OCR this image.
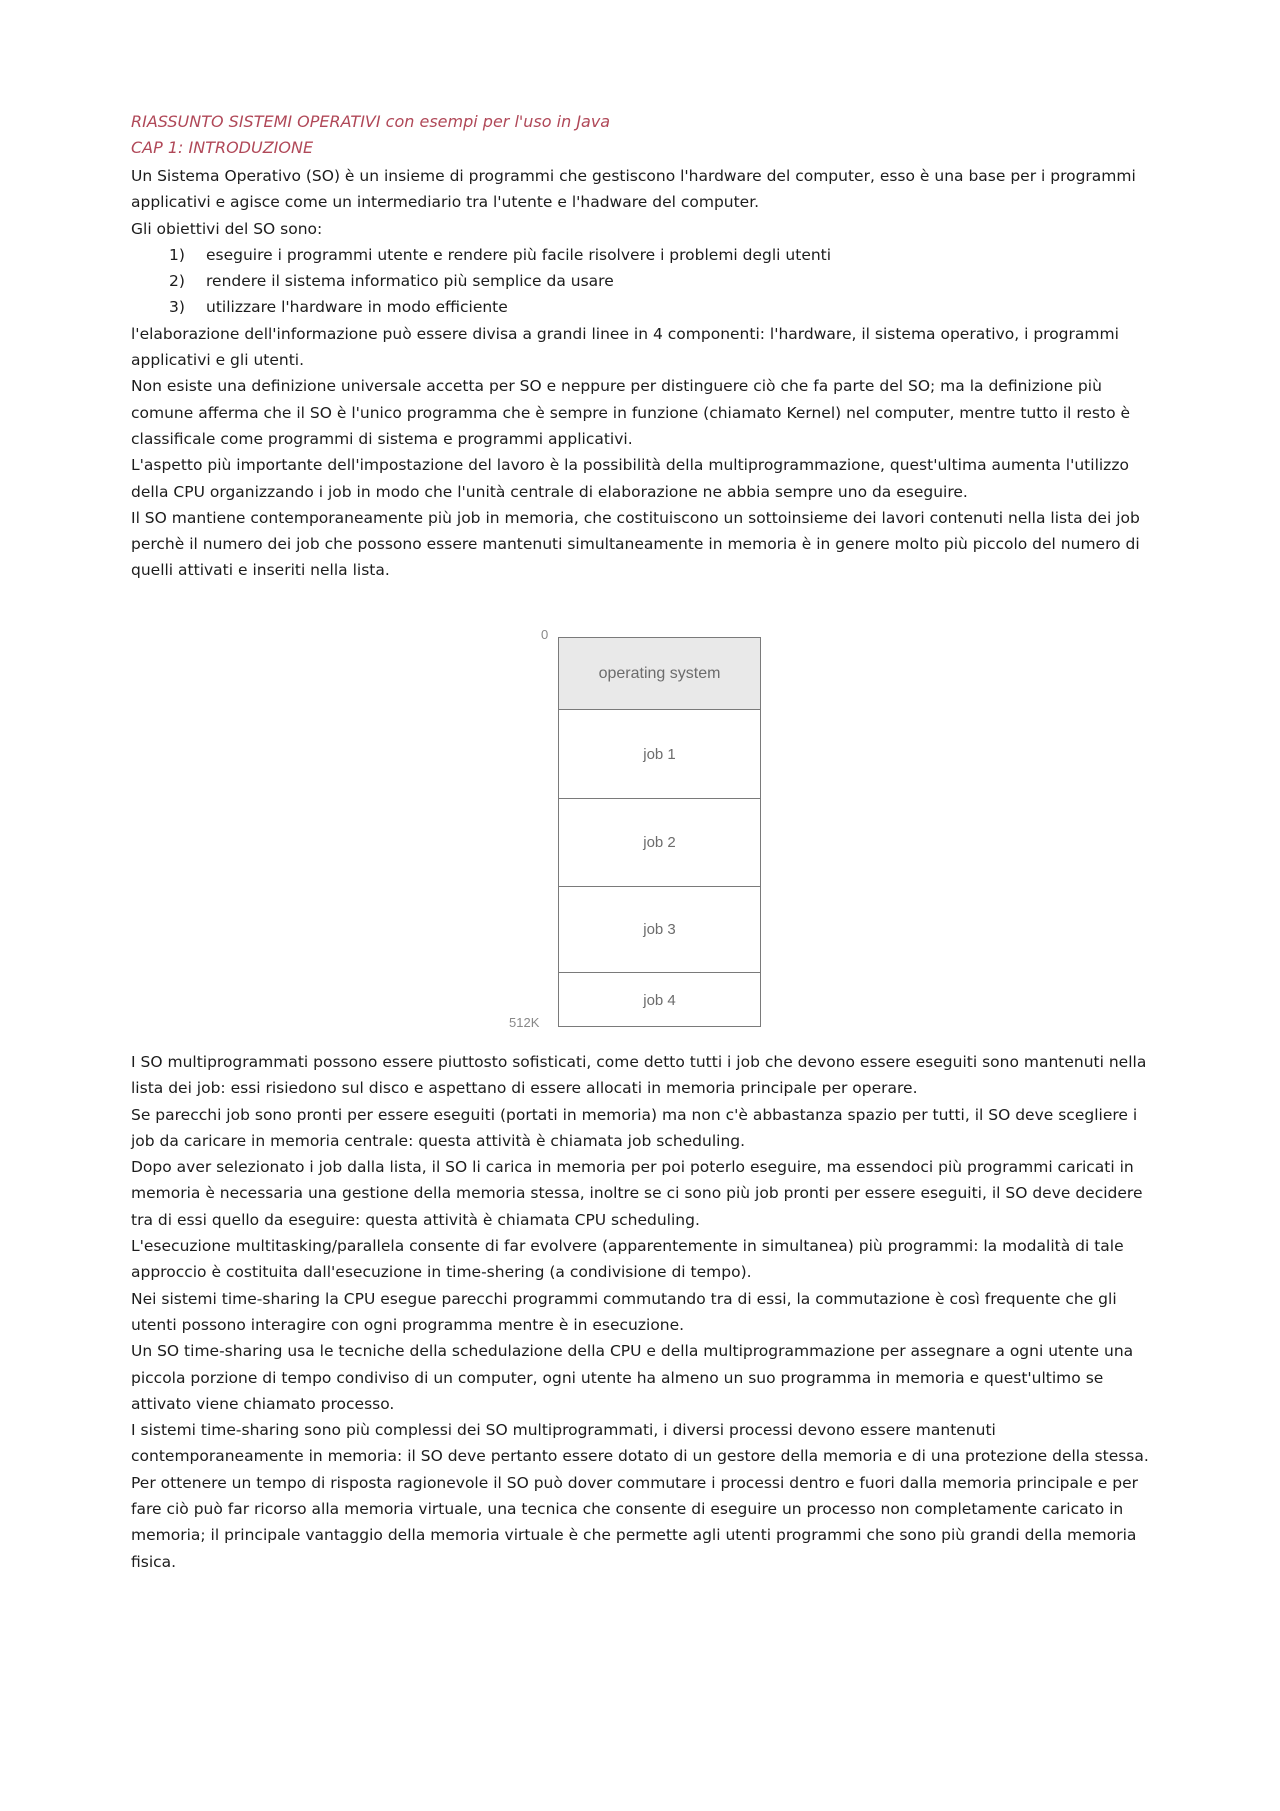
RIASSUNTO SISTEMI OPERATIVI con esempi per l'uso in Java
CAP 1: INTRODUZIONE

Un Sistema Operativo (SO) è un insieme di programmi che gestiscono l'hardware del computer, esso è una base per i programmi applicativi e agisce come un intermediario tra l'utente e l'hadware del computer.

Gli obiettivi del SO sono:

1)	eseguire i programmi utente e rendere più facile risolvere i problemi degli utenti
2)	rendere il sistema informatico più semplice da usare
3)	utilizzare l'hardware in modo efficiente

l'elaborazione dell'informazione può essere divisa a grandi linee in 4 componenti: l'hardware, il sistema operativo, i programmi applicativi e gli utenti.

Non esiste una definizione universale accetta per SO e neppure per distinguere ciò che fa parte del SO; ma la definizione più comune afferma che il SO è l'unico programma che è sempre in funzione (chiamato Kernel) nel computer, mentre tutto il resto è classificale come programmi di sistema e programmi applicativi.

L'aspetto più importante dell'impostazione del lavoro è la possibilità della multiprogrammazione, quest'ultima aumenta l'utilizzo della CPU organizzando i job in modo che l'unità centrale di elaborazione ne abbia sempre uno da eseguire.

Il SO mantiene contemporaneamente più job in memoria, che costituiscono un sottoinsieme dei lavori contenuti nella lista dei job perchè il numero dei job che possono essere mantenuti simultaneamente in memoria è in genere molto più piccolo del numero di quelli attivati e inseriti nella lista.

0
512K
operating system
job 1
job 2
job 3
job 4

I SO multiprogrammati possono essere piuttosto sofisticati, come detto tutti i job che devono essere eseguiti sono mantenuti nella lista dei job: essi risiedono sul disco e aspettano di essere allocati in memoria principale per operare.

Se parecchi job sono pronti per essere eseguiti (portati in memoria) ma non c'è abbastanza spazio per tutti, il SO deve scegliere i job da caricare in memoria centrale: questa attività è chiamata job scheduling.

Dopo aver selezionato i job dalla lista, il SO li carica in memoria per poi poterlo eseguire, ma essendoci più programmi caricati in memoria è necessaria una gestione della memoria stessa, inoltre se ci sono più job pronti per essere eseguiti, il SO deve decidere tra di essi quello da eseguire: questa attività è chiamata CPU scheduling.

L'esecuzione multitasking/parallela consente di far evolvere (apparentemente in simultanea) più programmi: la modalità di tale approccio è costituita dall'esecuzione in time-shering (a condivisione di tempo).

Nei sistemi time-sharing la CPU esegue parecchi programmi commutando tra di essi, la commutazione è così frequente che gli utenti possono interagire con ogni programma mentre è in esecuzione.

Un SO time-sharing usa le tecniche della schedulazione della CPU e della multiprogrammazione per assegnare a ogni utente una piccola porzione di tempo condiviso di un computer, ogni utente ha almeno un suo programma in memoria e quest'ultimo se attivato viene chiamato processo.

I sistemi time-sharing sono più complessi dei SO multiprogrammati, i diversi processi devono essere mantenuti contemporaneamente in memoria: il SO deve pertanto essere dotato di un gestore della memoria e di una protezione della stessa.

Per ottenere un tempo di risposta ragionevole il SO può dover commutare i processi dentro e fuori dalla memoria principale e per fare ciò può far ricorso alla memoria virtuale, una tecnica che consente di eseguire un processo non completamente caricato in memoria; il principale vantaggio della memoria virtuale è che permette agli utenti programmi che sono più grandi della memoria fisica.
